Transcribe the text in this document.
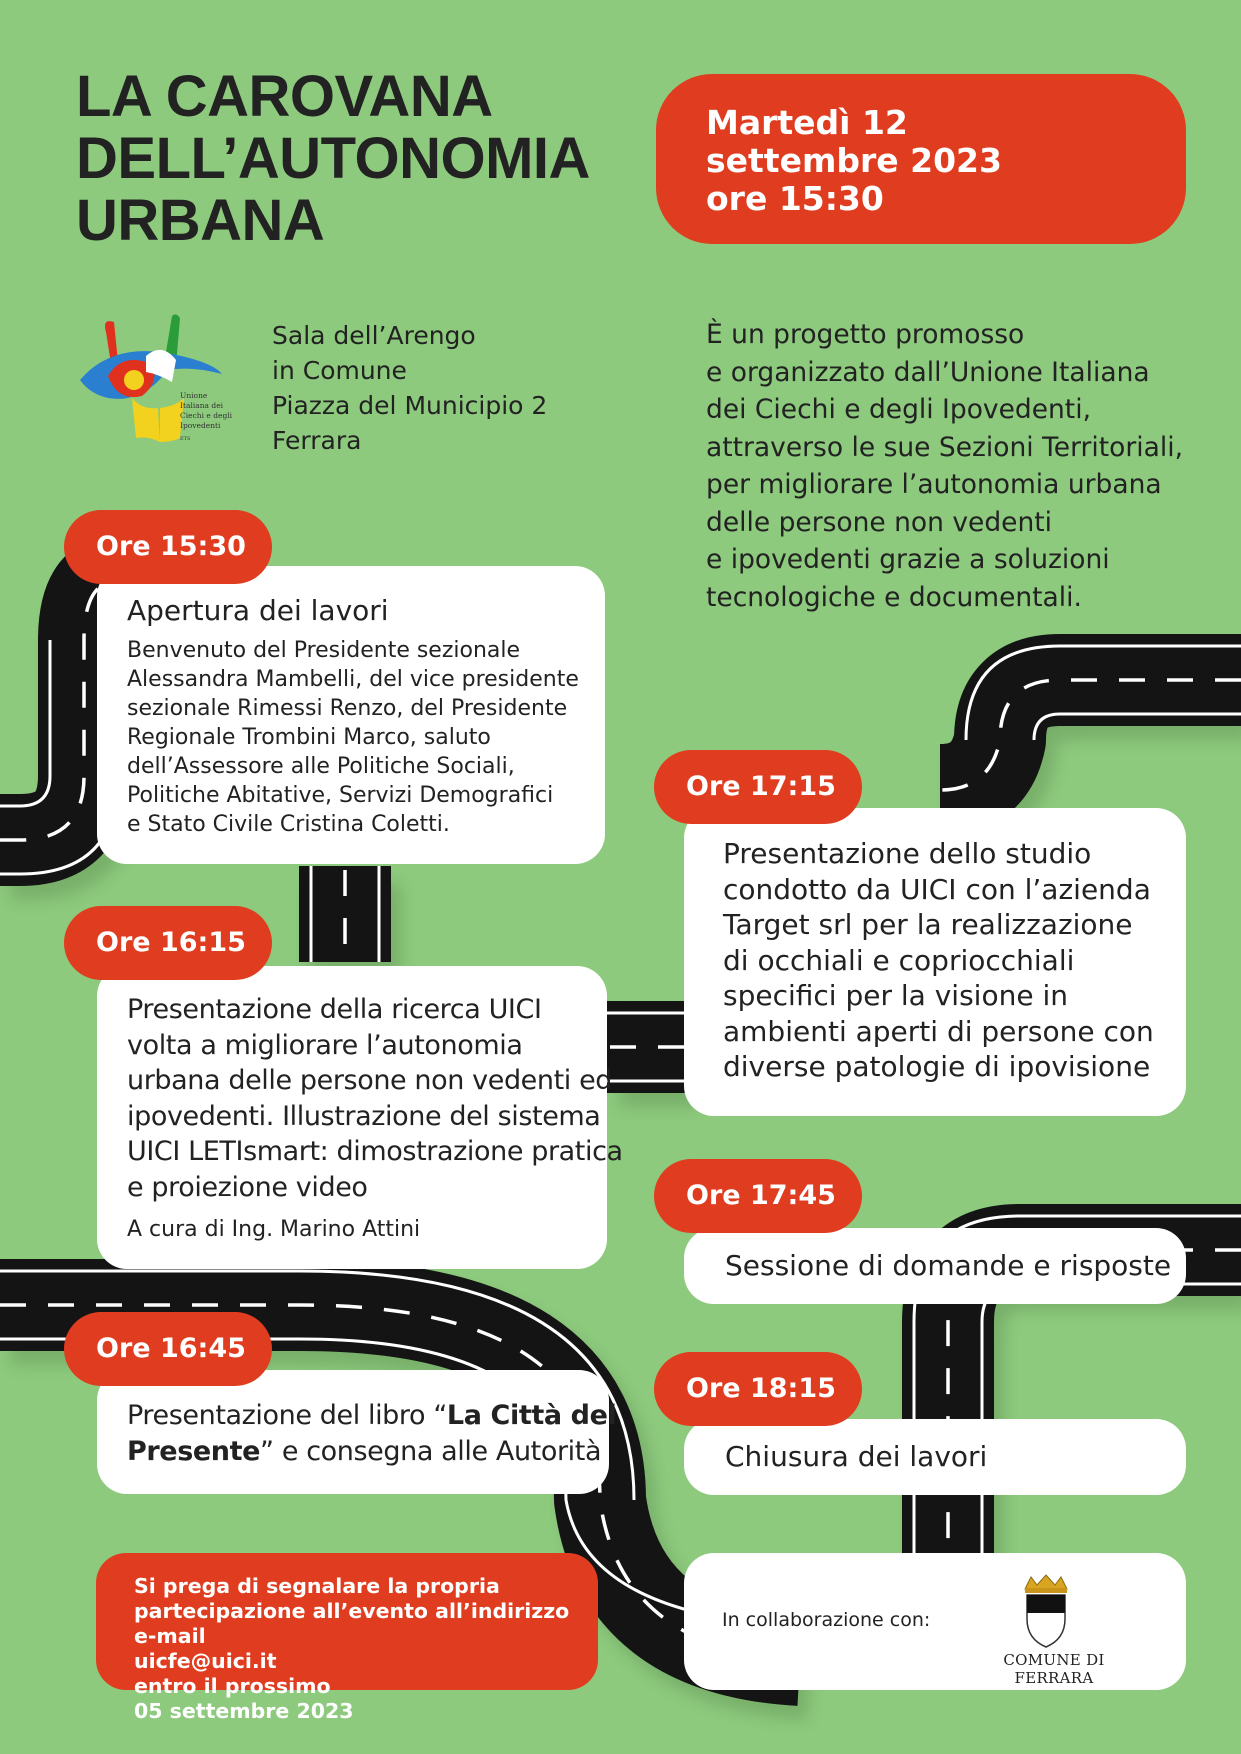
LA CAROVANA
DELL’AUTONOMIA
URBANA
Martedì 12
settembre 2023
ore 15:30
Unione
Italiana dei
Ciechi e degli
Ipovedenti
ETS
Sala dell’Arengo
in Comune
Piazza del Municipio 2
Ferrara
È un progetto promosso
e organizzato dall’Unione Italiana
dei Ciechi e degli Ipovedenti,
attraverso le sue Sezioni Territoriali,
per migliorare l’autonomia urbana
delle persone non vedenti
e ipovedenti grazie a soluzioni
tecnologiche e documentali.
Apertura dei lavori
Benvenuto del Presidente sezionale
Alessandra Mambelli, del vice presidente
sezionale Rimessi Renzo, del Presidente
Regionale Trombini Marco, saluto
dell’Assessore alle Politiche Sociali,
Politiche Abitative, Servizi Demografici
e Stato Civile Cristina Coletti.
Ore 15:30
Presentazione della ricerca UICI
volta a migliorare l’autonomia
urbana delle persone non vedenti ed
ipovedenti. Illustrazione del sistema
UICI LETIsmart: dimostrazione pratica
e proiezione video
A cura di Ing. Marino Attini
Ore 16:15
Presentazione del libro “La Città del
Presente” e consegna alle Autorità
Ore 16:45
Presentazione dello studio
condotto da UICI con l’azienda
Target srl per la realizzazione
di occhiali e copriocchiali
specifici per la visione in
ambienti aperti di persone con
diverse patologie di ipovisione
Ore 17:15
Sessione di domande e risposte
Ore 17:45
Chiusura dei lavori
Ore 18:15
Si prega di segnalare la propria
partecipazione all’evento all’indirizzo
e-mail
uicfe@uici.it
entro il prossimo
05 settembre 2023
In collaborazione con:
COMUNE DI FERRARA
